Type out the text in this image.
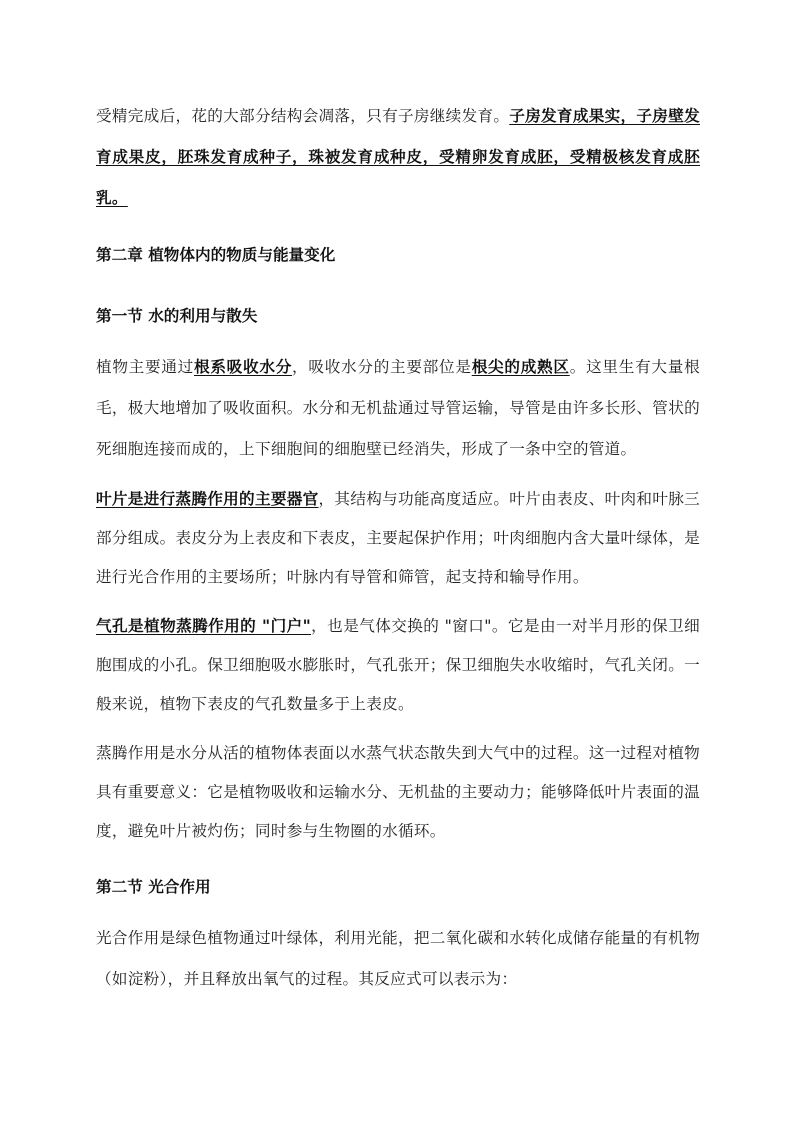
受精完成后，花的大部分结构会凋落，只有子房继续发育。子房发育成果实，子房壁发育成果皮，胚珠发育成种子，珠被发育成种皮，受精卵发育成胚，受精极核发育成胚乳。

第二章 植物体内的物质与能量变化
第一节 水的利用与散失

植物主要通过根系吸收水分，吸收水分的主要部位是根尖的成熟区。这里生有大量根毛，极大地增加了吸收面积。水分和无机盐通过导管运输，导管是由许多长形、管状的死细胞连接而成的，上下细胞间的细胞壁已经消失，形成了一条中空的管道。

叶片是进行蒸腾作用的主要器官，其结构与功能高度适应。叶片由表皮、叶肉和叶脉三部分组成。表皮分为上表皮和下表皮，主要起保护作用；叶肉细胞内含大量叶绿体，是进行光合作用的主要场所；叶脉内有导管和筛管，起支持和输导作用。

气孔是植物蒸腾作用的 "门户"，也是气体交换的 "窗口"。它是由一对半月形的保卫细胞围成的小孔。保卫细胞吸水膨胀时，气孔张开；保卫细胞失水收缩时，气孔关闭。一般来说，植物下表皮的气孔数量多于上表皮。

蒸腾作用是水分从活的植物体表面以水蒸气状态散失到大气中的过程。这一过程对植物具有重要意义：它是植物吸收和运输水分、无机盐的主要动力；能够降低叶片表面的温度，避免叶片被灼伤；同时参与生物圈的水循环。

第二节 光合作用

光合作用是绿色植物通过叶绿体，利用光能，把二氧化碳和水转化成储存能量的有机物（如淀粉），并且释放出氧气的过程。其反应式可以表示为：
